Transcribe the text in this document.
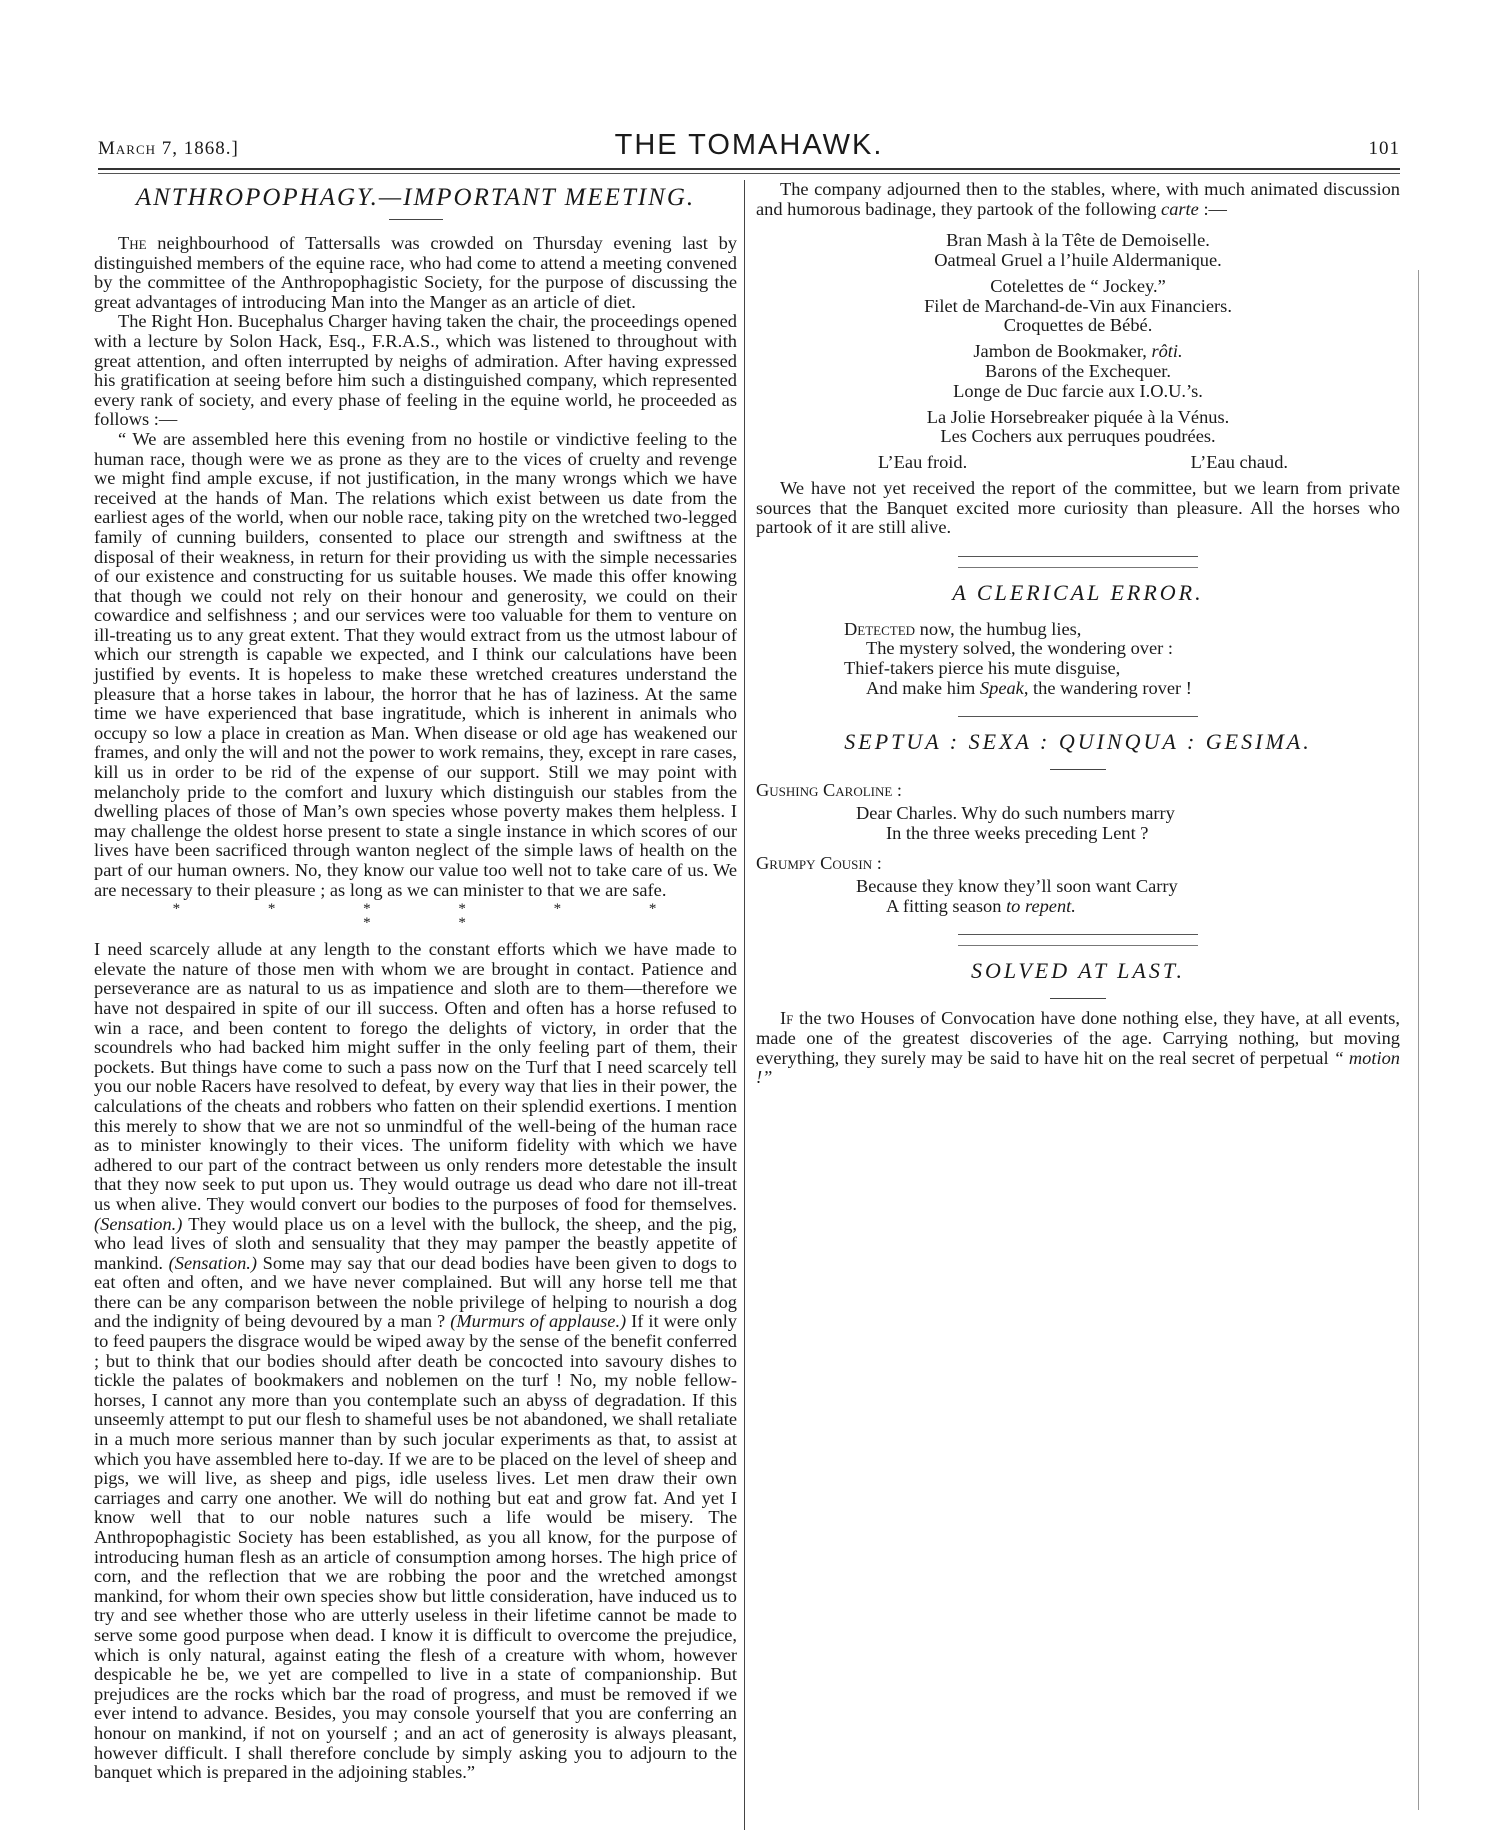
March 7, 1868.]	THE TOMAHAWK.	101
ANTHROPOPHAGY.—IMPORTANT MEETING.

The neighbourhood of Tattersalls was crowded on Thursday evening last by distinguished members of the equine race, who had come to attend a meeting convened by the committee of the Anthropophagistic Society, for the purpose of discussing the great advantages of introducing Man into the Manger as an article of diet.

The Right Hon. Bucephalus Charger having taken the chair, the proceedings opened with a lecture by Solon Hack, Esq., F.R.A.S., which was listened to throughout with great attention, and often interrupted by neighs of admiration. After having expressed his gratification at seeing before him such a distinguished company, which represented every rank of society, and every phase of feeling in the equine world, he proceeded as follows :—

“ We are assembled here this evening from no hostile or vindictive feeling to the human race, though were we as prone as they are to the vices of cruelty and revenge we might find ample excuse, if not justification, in the many wrongs which we have received at the hands of Man. The relations which exist between us date from the earliest ages of the world, when our noble race, taking pity on the wretched two-legged family of cunning builders, consented to place our strength and swiftness at the disposal of their weakness, in return for their providing us with the simple necessaries of our existence and constructing for us suitable houses. We made this offer knowing that though we could not rely on their honour and generosity, we could on their cowardice and selfishness ; and our services were too valuable for them to venture on ill-treating us to any great extent. That they would extract from us the utmost labour of which our strength is capable we expected, and I think our calculations have been justified by events. It is hopeless to make these wretched creatures understand the pleasure that a horse takes in labour, the horror that he has of laziness. At the same time we have experienced that base ingratitude, which is inherent in animals who occupy so low a place in creation as Man. When disease or old age has weakened our frames, and only the will and not the power to work remains, they, except in rare cases, kill us in order to be rid of the expense of our support. Still we may point with melancholy pride to the comfort and luxury which distinguish our stables from the dwelling places of those of Man’s own species whose poverty makes them helpless. I may challenge the oldest horse present to state a single instance in which scores of our lives have been sacrificed through wanton neglect of the simple laws of health on the part of our human owners. No, they know our value too well not to take care of us. We are necessary to their pleasure ; as long as we can minister to that we are safe.

* * * * * * * *

I need scarcely allude at any length to the constant efforts which we have made to elevate the nature of those men with whom we are brought in contact. Patience and perseverance are as natural to us as impatience and sloth are to them—therefore we have not despaired in spite of our ill success. Often and often has a horse refused to win a race, and been content to forego the delights of victory, in order that the scoundrels who had backed him might suffer in the only feeling part of them, their pockets. But things have come to such a pass now on the Turf that I need scarcely tell you our noble Racers have resolved to defeat, by every way that lies in their power, the calculations of the cheats and robbers who fatten on their splendid exertions. I mention this merely to show that we are not so unmindful of the well-being of the human race as to minister knowingly to their vices. The uniform fidelity with which we have adhered to our part of the contract between us only renders more detestable the insult that they now seek to put upon us. They would outrage us dead who dare not ill-treat us when alive. They would convert our bodies to the purposes of food for themselves. (Sensation.) They would place us on a level with the bullock, the sheep, and the pig, who lead lives of sloth and sensuality that they may pamper the beastly appetite of mankind. (Sensation.) Some may say that our dead bodies have been given to dogs to eat often and often, and we have never complained. But will any horse tell me that there can be any comparison between the noble privilege of helping to nourish a dog and the indignity of being devoured by a man ? (Murmurs of applause.) If it were only to feed paupers the disgrace would be wiped away by the sense of the benefit conferred ; but to think that our bodies should after death be concocted into savoury dishes to tickle the palates of bookmakers and noblemen on the turf ! No, my noble fellow-horses, I cannot any more than you contemplate such an abyss of degradation. If this unseemly attempt to put our flesh to shameful uses be not abandoned, we shall retaliate in a much more serious manner than by such jocular experiments as that, to assist at which you have assembled here to-day. If we are to be placed on the level of sheep and pigs, we will live, as sheep and pigs, idle useless lives. Let men draw their own carriages and carry one another. We will do nothing but eat and grow fat. And yet I know well that to our noble natures such a life would be misery. The Anthropophagistic Society has been established, as you all know, for the purpose of introducing human flesh as an article of consumption among horses. The high price of corn, and the reflection that we are robbing the poor and the wretched amongst mankind, for whom their own species show but little consideration, have induced us to try and see whether those who are utterly useless in their lifetime cannot be made to serve some good purpose when dead. I know it is difficult to overcome the prejudice, which is only natural, against eating the flesh of a creature with whom, however despicable he be, we yet are compelled to live in a state of companionship. But prejudices are the rocks which bar the road of progress, and must be removed if we ever intend to advance. Besides, you may console yourself that you are conferring an honour on mankind, if not on yourself ; and an act of generosity is always pleasant, however difficult. I shall therefore conclude by simply asking you to adjourn to the banquet which is prepared in the adjoining stables.”

The company adjourned then to the stables, where, with much animated discussion and humorous badinage, they partook of the following carte :—

Bran Mash à la Tête de Demoiselle.
Oatmeal Gruel a l’huile Aldermanique.
Cotelettes de “ Jockey.”
Filet de Marchand-de-Vin aux Financiers.
Croquettes de Bébé.
Jambon de Bookmaker, rôti.
Barons of the Exchequer.
Longe de Duc farcie aux I.O.U.’s.
La Jolie Horsebreaker piquée à la Vénus.
Les Cochers aux perruques poudrées.
L’Eau froid.	L’Eau chaud.

We have not yet received the report of the committee, but we learn from private sources that the Banquet excited more curiosity than pleasure. All the horses who partook of it are still alive.

A CLERICAL ERROR.
Detected now, the humbug lies,
The mystery solved, the wondering over :
Thief-takers pierce his mute disguise,
And make him Speak, the wandering rover !
SEPTUA : SEXA : QUINQUA : GESIMA.
Gushing Caroline :
Dear Charles. Why do such numbers marry
In the three weeks preceding Lent ?
Grumpy Cousin :
Because they know they’ll soon want Carry
A fitting season to repent.
SOLVED AT LAST.

If the two Houses of Convocation have done nothing else, they have, at all events, made one of the greatest discoveries of the age. Carrying nothing, but moving everything, they surely may be said to have hit on the real secret of perpetual “ motion !”
